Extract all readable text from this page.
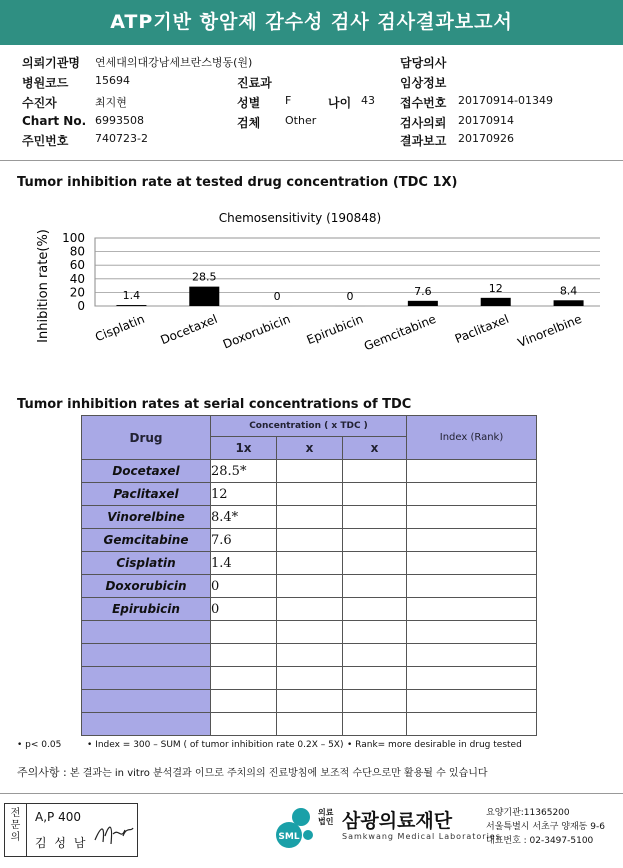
ATP기반 항암제 감수성 검사 검사결과보고서
의뢰기관명 연세대의대강남세브란스병동(원)	담당의사
병원코드 15694	진료과	임상정보
수진자	최지현	성별 F	나이 43 접수번호 20170914-01349
Chart No. 6993508	검체 Other	검사의뢰 20170914
주민번호 740723-2	결과보고 20170926
Tumor inhibition rate at tested drug concentration (TDC 1X)
Chemosensitivity (190848)
0
20
40
60
80
100
Inhibition rate(%)	1.4
Cisplatin
28.5
Docetaxel
0
Doxorubicin
0
Epirubicin
7.6
Gemcitabine
12
Paclitaxel
8.4
Vinorelbine
Tumor inhibition rates at serial concentrations of TDC
Drug	Concentration ( x TDC )			Index (Rank)
	1x	x	x	
Docetaxel	28.5*			
Paclitaxel	12			
Vinorelbine	8.4*			
Gemcitabine	7.6			
Cisplatin	1.4			
Doxorubicin	0			
Epirubicin	0			

• p< 0.05	• Index = 300 – SUM ( of tumor inhibition rate 0.2X – 5X) • Rank= more desirable in drug tested
주의사항 : 본 결과는 in vitro 분석결과 이므로 주치의의 진료방침에 보조적 수단으로만 활용될 수 있습니다
전
문
의
A,P 400
김 성 남	SML
의료
법인 삼광의료재단
Samkwang Medical Laboratories
요양기관:11365200
서울특별시 서초구 양재동 9-6
대표번호 : 02-3497-5100
